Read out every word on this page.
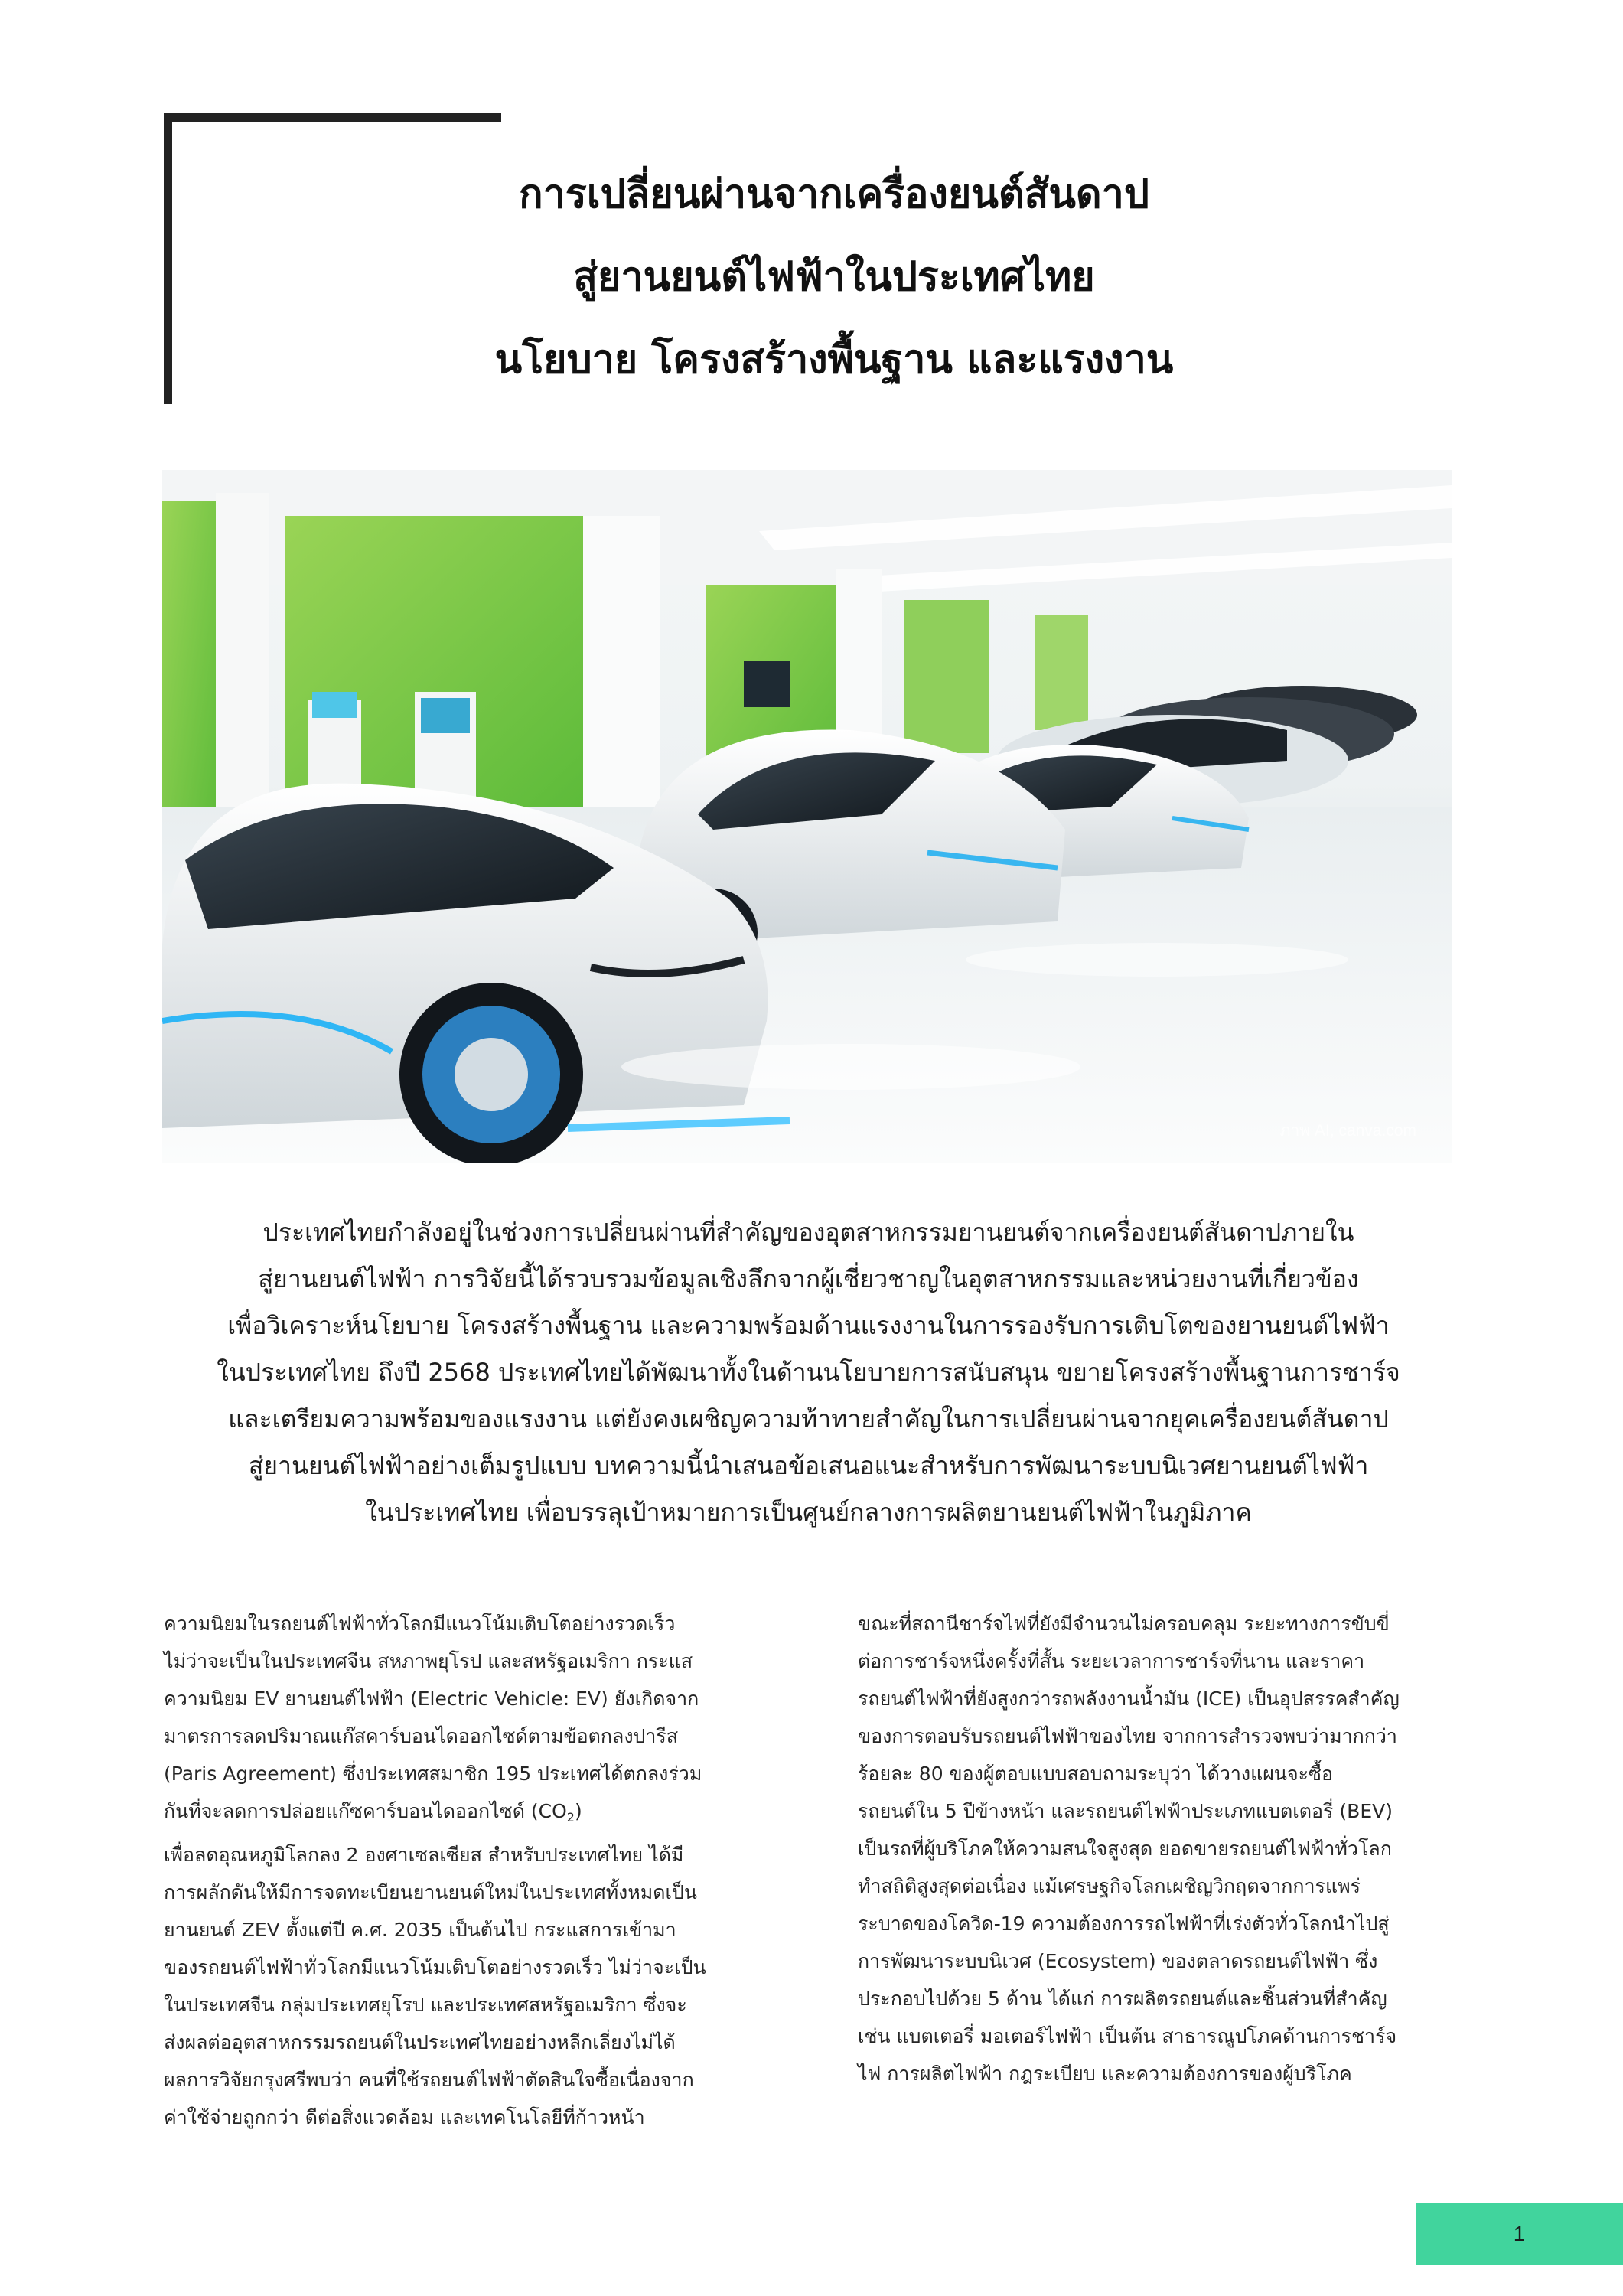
การเปลี่ยนผ่านจากเครื่องยนต์สันดาป
สู่ยานยนต์ไฟฟ้าในประเทศไทย
นโยบาย โครงสร้างพื้นฐาน และแรงงาน
ภาพ AI, canva.com

ประเทศไทยกำลังอยู่ในช่วงการเปลี่ยนผ่านที่สำคัญของอุตสาหกรรมยานยนต์จากเครื่องยนต์สันดาปภายใน
สู่ยานยนต์ไฟฟ้า การวิจัยนี้ได้รวบรวมข้อมูลเชิงลึกจากผู้เชี่ยวชาญในอุตสาหกรรมและหน่วยงานที่เกี่ยวข้อง
เพื่อวิเคราะห์นโยบาย โครงสร้างพื้นฐาน และความพร้อมด้านแรงงานในการรองรับการเติบโตของยานยนต์ไฟฟ้า
ในประเทศไทย ถึงปี 2568 ประเทศไทยได้พัฒนาทั้งในด้านนโยบายการสนับสนุน ขยายโครงสร้างพื้นฐานการชาร์จ
และเตรียมความพร้อมของแรงงาน แต่ยังคงเผชิญความท้าทายสำคัญในการเปลี่ยนผ่านจากยุคเครื่องยนต์สันดาป
สู่ยานยนต์ไฟฟ้าอย่างเต็มรูปแบบ บทความนี้นำเสนอข้อเสนอแนะสำหรับการพัฒนาระบบนิเวศยานยนต์ไฟฟ้า
ในประเทศไทย เพื่อบรรลุเป้าหมายการเป็นศูนย์กลางการผลิตยานยนต์ไฟฟ้าในภูมิภาค

ความนิยมในรถยนต์ไฟฟ้าทั่วโลกมีแนวโน้มเติบโตอย่างรวดเร็ว
ไม่ว่าจะเป็นในประเทศจีน สหภาพยุโรป และสหรัฐอเมริกา กระแส
ความนิยม EV ยานยนต์ไฟฟ้า (Electric Vehicle: EV) ยังเกิดจาก
มาตรการลดปริมาณแก๊สคาร์บอนไดออกไซด์ตามข้อตกลงปารีส
(Paris Agreement) ซึ่งประเทศสมาชิก 195 ประเทศได้ตกลงร่วม
กันที่จะลดการปล่อยแก๊ซคาร์บอนไดออกไซด์ $(CO_2)$
เพื่อลดอุณหภูมิโลกลง 2 องศาเซลเซียส สำหรับประเทศไทย ได้มี
การผลักดันให้มีการจดทะเบียนยานยนต์ใหม่ในประเทศทั้งหมดเป็น
ยานยนต์ ZEV ตั้งแต่ปี ค.ศ. 2035 เป็นต้นไป กระแสการเข้ามา
ของรถยนต์ไฟฟ้าทั่วโลกมีแนวโน้มเติบโตอย่างรวดเร็ว ไม่ว่าจะเป็น
ในประเทศจีน กลุ่มประเทศยุโรป และประเทศสหรัฐอเมริกา ซึ่งจะ
ส่งผลต่ออุตสาหกรรมรถยนต์ในประเทศไทยอย่างหลีกเลี่ยงไม่ได้
ผลการวิจัยกรุงศรีพบว่า คนที่ใช้รถยนต์ไฟฟ้าตัดสินใจซื้อเนื่องจาก
ค่าใช้จ่ายถูกกว่า ดีต่อสิ่งแวดล้อม และเทคโนโลยีที่ก้าวหน้า
ขณะที่สถานีชาร์จไฟที่ยังมีจำนวนไม่ครอบคลุม ระยะทางการขับขี่
ต่อการชาร์จหนึ่งครั้งที่สั้น ระยะเวลาการชาร์จที่นาน และราคา
รถยนต์ไฟฟ้าที่ยังสูงกว่ารถพลังงานน้ำมัน (ICE) เป็นอุปสรรคสำคัญ
ของการตอบรับรถยนต์ไฟฟ้าของไทย จากการสำรวจพบว่ามากกว่า
ร้อยละ 80 ของผู้ตอบแบบสอบถามระบุว่า ได้วางแผนจะซื้อ
รถยนต์ใน 5 ปีข้างหน้า และรถยนต์ไฟฟ้าประเภทแบตเตอรี่ (BEV)
เป็นรถที่ผู้บริโภคให้ความสนใจสูงสุด ยอดขายรถยนต์ไฟฟ้าทั่วโลก
ทำสถิติสูงสุดต่อเนื่อง แม้เศรษฐกิจโลกเผชิญวิกฤตจากการแพร่
ระบาดของโควิด-19 ความต้องการรถไฟฟ้าที่เร่งตัวทั่วโลกนำไปสู่
การพัฒนาระบบนิเวศ (Ecosystem) ของตลาดรถยนต์ไฟฟ้า ซึ่ง
ประกอบไปด้วย 5 ด้าน ได้แก่ การผลิตรถยนต์และชิ้นส่วนที่สำคัญ
เช่น แบตเตอรี่ มอเตอร์ไฟฟ้า เป็นต้น สาธารณูปโภคด้านการชาร์จ
ไฟ การผลิตไฟฟ้า กฎระเบียบ และความต้องการของผู้บริโภค
1
